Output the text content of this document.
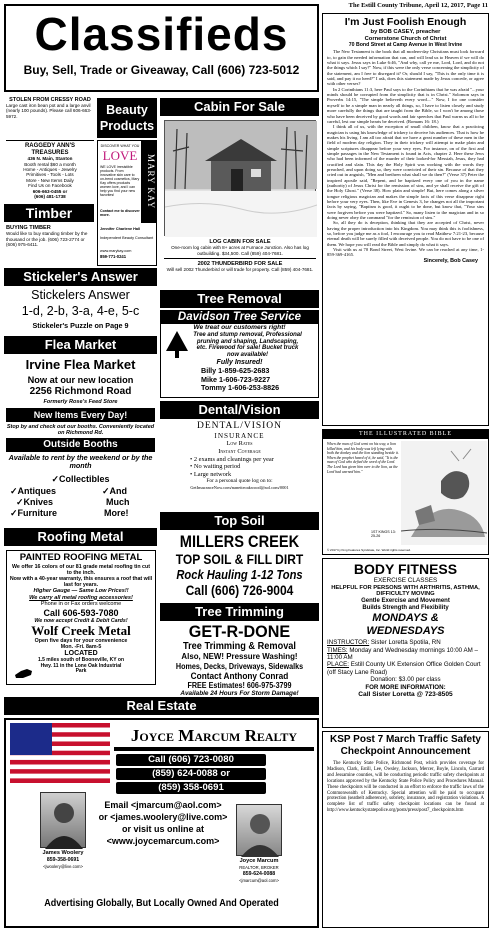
The Estill County Tribune, April 12, 2017, Page 11
Classifieds
Buy, Sell, Trade or Giveaway, Call (606) 723-5012
STOLEN FROM CRESSY ROAD
Large cast iron bean pot and a large anvil (nearly 100 pounds). Please call 606-663-5972.
RAGGEDY ANN'S TREASURES
436 N. Main, Stanton
Booth rental $60 a month
Home - Antiques - Jewelry
Primitives - Tools - Lots
More - New Items Daily
Find Us on Facebook
606-663-0455 or
(606) 481-1738
Timber
BUYING TIMBER
Would like to buy standing timber by the thousand or the job. (606) 723-2774 or (606) 975-6411.
Beauty Products
DISCOVER WHAT YOU
LOVE
WE LOVE irresistible products. From innovative skin care to on-trend cosmetics, Mary Kay offers products women love, and I can help you find your new favorites!
Contact me to discover more.
MARY KAY
Jennifer Charlene Hall
Independent Beauty Consultant
www.marykay.com
859-771-0241
Cabin For Sale
LOG CABIN FOR SALE
One-room log cabin with 8+ acres at Furnace Junction. Also has log outbuilding. $34,500. Call (859) 404-7681.
2002 THUNDERBIRD FOR SALE
Will sell 2002 Thunderbird or will trade for property. Call (859) 404-7681.
Stickeler's Answer
Stickelers Answer
1-d, 2-b, 3-a, 4-e, 5-c
Stickeler's Puzzle on Page 9
Flea Market
Irvine Flea Market
Now at our new location
2256 Richmond Road
Formerly Rose's Feed Store
New Items Every Day!
Stop by and check out our booths. Conveniently located on Richmond Rd.
Outside Booths
Available to rent by the weekend or by the month
✓Collectibles
✓Antiques	✓And
✓Knives	Much
✓Furniture	More!
Roofing Metal
PAINTED ROOFING METAL
We offer 16 colors of our 81 grade metal roofing tin cut to the inch.
Now with a 40-year warranty, this ensures a roof that will last for years.
Higher Gauge — Same Low Prices!!
We carry all metal roofing accessories!
Phone in or Fax orders welcome
Call 606-593-7080
We now accept Credit & Debit Cards!
Wolf Creek Metal
Open five days for your convenience
Mon. -Fri. 8am-5
LOCATED
1.5 miles south of Booneville, KY on Hwy. 11 in the Lone Oak Industrial Park
Tree Removal
Davidson Tree Service
We treat our customers right!
Tree and stump removal, Professional pruning and shaping, Landscaping, etc. Firewood for sale! Bucket truck now available!
Fully Insured!
Billy 1-859-625-2683
Mike 1-606-723-9227
Tommy 1-606-253-8826
Dental/Vision
DENTAL/VISION
INSURANCE
Low Rates
Instant Coverage
• 2 exams and cleanings per year
• No waiting period
• Large network
For a personal quote log on to:
GetInsuranceNow.com/nanetteoakwood@aol.com/0001
Top Soil
MILLERS CREEK
TOP SOIL & FILL DIRT
Rock Hauling 1-12 Tons
Call (606) 726-9004
Tree Trimming
GET-R-DONE
Tree Trimming & Removal
Also, NEW! Pressure Washing!
Homes, Decks, Driveways, Sidewalks
Contact Anthony Conrad
FREE Estimates! 606-975-3799
Available 24 Hours For Storm Damage!
Real Estate
Joyce Marcum Realty
Call (606) 723-0080
(859) 624-0088 or
(859) 358-0691
Email <jmarcum@aol.com>
or <james.woolery@live.com>
or visit us online at
<www.joycemarcum.com>
James Woolery
859-358-0691
<jwoolery@live.com>
Joyce Marcum
REALTOR, BROKER
859-624-0088
<jmarcum@aol.com>
Advertising Globally, But Locally Owned And Operated
I'm Just Foolish Enough
by BOB CASEY, preacher
Cornerstone Church of Christ
70 Bond Street at Camp Avenue in West Irvine

The New Testament is the book that all modern-day Christians must look forward to, to gain the needed information that can, and will lead us to Heaven if we will do what it says. Jesus says in Luke 6:46, "And why, call ye me, Lord, Lord, and do not the things which I say?" Now, if this were the only verse concerning the simplicity of the statement, am I free to disregard it? Or, should I say, "This is the only time it is said, and pay it no heed?" I ask, does this statement made by Jesus concede, or agree with other verses?

In 2 Corinthians 11:3, here Paul says to the Corinthians that he was afraid "...your minds should be corrupted from the simplicity that is in Christ." Solomon says in Proverbs 14:15, "The simple believeth every word...." Now, I for one consider myself to be a simple man in nearly all things, so, I have to listen closely and study more carefully the things that are taught from the Bible, so I won't be among those who have been deceived by good words and fair speeches that Paul warns us all to be careful, lest our simple hearts be deceived. (Romans 16: 18.)

I think all of us, with the exception of small children, know that a practicing magician is using his knowledge of trickery to deceive his audiences. That is how he makes his living. I am all too afraid that we have a great number of these men in the field of modern day religion. They in their trickery will attempt to make plain and simple scriptures disappear before your very eyes. For instance, on of the first and simple passages in the New Testament is found in Acts, chapter 2. Here these Jews who had been informed of the murder of their looked-for Messiah, Jesus, they had crucified and slain. This day the Holy Spirit was working with the words they preached, and upon doing so, they were convicted of their sin. Because of that they cried out in anguish, "Men and brethren what shall we do then?" (Verse 37) Peter the inspired apostle said, "Repent, and be baptized every one of you in the name (authority) of Jesus Christ for the remission of sins, and ye shall receive the gift of the Holy Ghost." (Verse 38). How plain and simple! But, here comes along a silver tongue religious magician and makes the simple facts of this verse disappear right before your very eyes. Then, like Eve in Genesis 3, he changes not all the important facts by saying, "Baptism is good, it ought to be done, but know that, "Your sins were forgiven before you were baptized." So, many listen to the magician and in so doing never obey the command "for the remission of sins."

So, all they do is deception, thinking that they are accepted of Christ, never having the proper introduction into his Kingdom. You may think this is foolishness, so, before you judge me as a fool, I encourage you to read Matthew 7:21-23, because eternal death will be surely filled with deceived people. You do not have to be one of them. We hope you will read the Bible and simply do what it says.

Visit with us at 70 Bond Street, West Irvine. We can be reached at any time, 1-859-369-4165.

Sincerely, Bob Casey
THE ILLUSTRATED BIBLE
When the man of God went on his way, a lion killed him, and his body was left lying with both the donkey and the lion standing beside it. When the prophet heard of it, he said, "It is the man of God who defied the word of the Lord. The Lord has given him over to the lion, as the Lord had warned him."
1ST KINGS 13: 25-26
© 2017 by King Features Syndicate, Inc. World rights reserved.
BODY FITNESS
EXERCISE CLASSES
HELPFUL FOR PERSONS WITH ARTHRITIS, ASTHMA, DIFFICULTY MOVING
Gentle Exercise and Movement
Builds Strength and Flexibility
MONDAYS & WEDNESDAYS
INSTRUCTOR: Sister Loretta Spotila, RN
TIMES: Monday and Wednesday mornings 10:00 AM – 11:00 AM
PLACE: Estill County UK Extension Office Golden Court (off Stacy Lane Road)
Donation: $3.00 per class
FOR MORE INFORMATION:
Call Sister Loretta @ 723-8505
KSP Post 7 March Traffic Safety Checkpoint Announcement

The Kentucky State Police, Richmond Post, which provides coverage for Madison, Clark, Estill, Lee, Owsley, Jackson, Mercer, Boyle, Lincoln, Garrard and Jessamine counties, will be conducting periodic traffic safety checkpoints at locations approved by the Kentucky State Police Policy and Procedures Manual. These checkpoints will be conducted in an effort to enforce the traffic laws of the Commonwealth of Kentucky. Special attention will be paid to occupant protection (seatbelt adherence), sobriety, insurance, and registration violations. A complete list of traffic safety checkpoint locations can be found at http://www.kentuckystatepolice.org/posts/press/post7_checkpoints.htm
